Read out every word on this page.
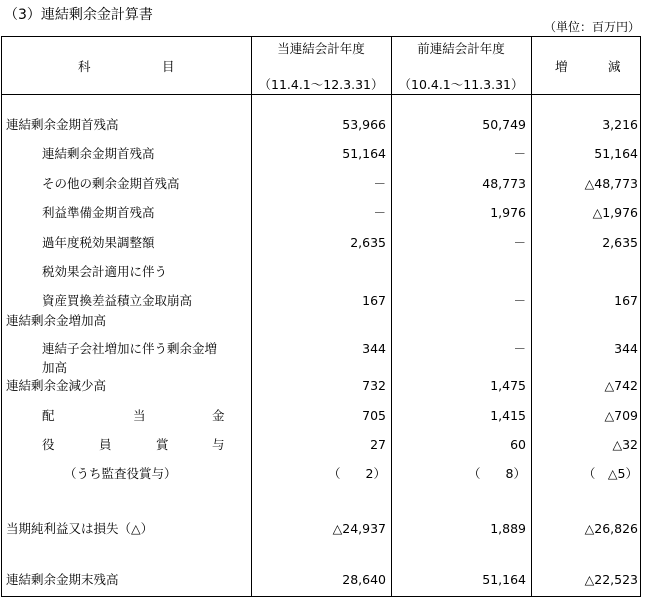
（3）連結剰余金計算書
（単位：百万円）
科	目
当連結会計年度
（11.4.1～12.3.31）
前連結会計年度
（10.4.1～11.3.31）
増	減
連結剰余金期首残高	53,966	50,749	3,216
連結剰余金期首残高	51,164	－	51,164
その他の剰余金期首残高	－	48,773	△48,773
利益準備金期首残高	－	1,976	△1,976
過年度税効果調整額	2,635	－	2,635
税効果会計適用に伴う
資産買換差益積立金取崩高	167	－	167
連結剰余金増加高
連結子会社増加に伴う剰余金増	344	－	344
加高
連結剰余金減少高	732	1,475	△742
配	当	金	705	1,415	△709
役	員	賞	与	27	60	△32
（うち監査役賞与）	（　　2）	（　　8）	（　△5）
当期純利益又は損失（△）	△24,937	1,889	△26,826
連結剰余金期末残高	28,640	51,164	△22,523
